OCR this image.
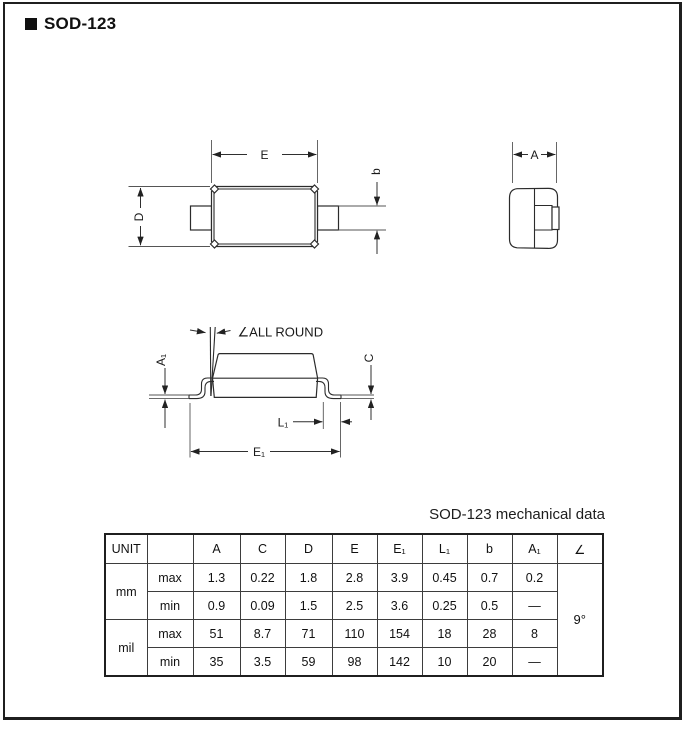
SOD-123
E
D
b
A
∠ALL ROUND
A₁	C
L₁
E₁
SOD-123 mechanical data
UNIT		A	C	D	E	E₁	L₁	b	A₁	∠
mm	max	1.3	0.22	1.8	2.8	3.9	0.45	0.7	0.2	9°
	min	0.9	0.09	1.5	2.5	3.6	0.25	0.5	—	
mil	max	51	8.7	71	110	154	18	28	8	
	min	35	3.5	59	98	142	10	20	—	
